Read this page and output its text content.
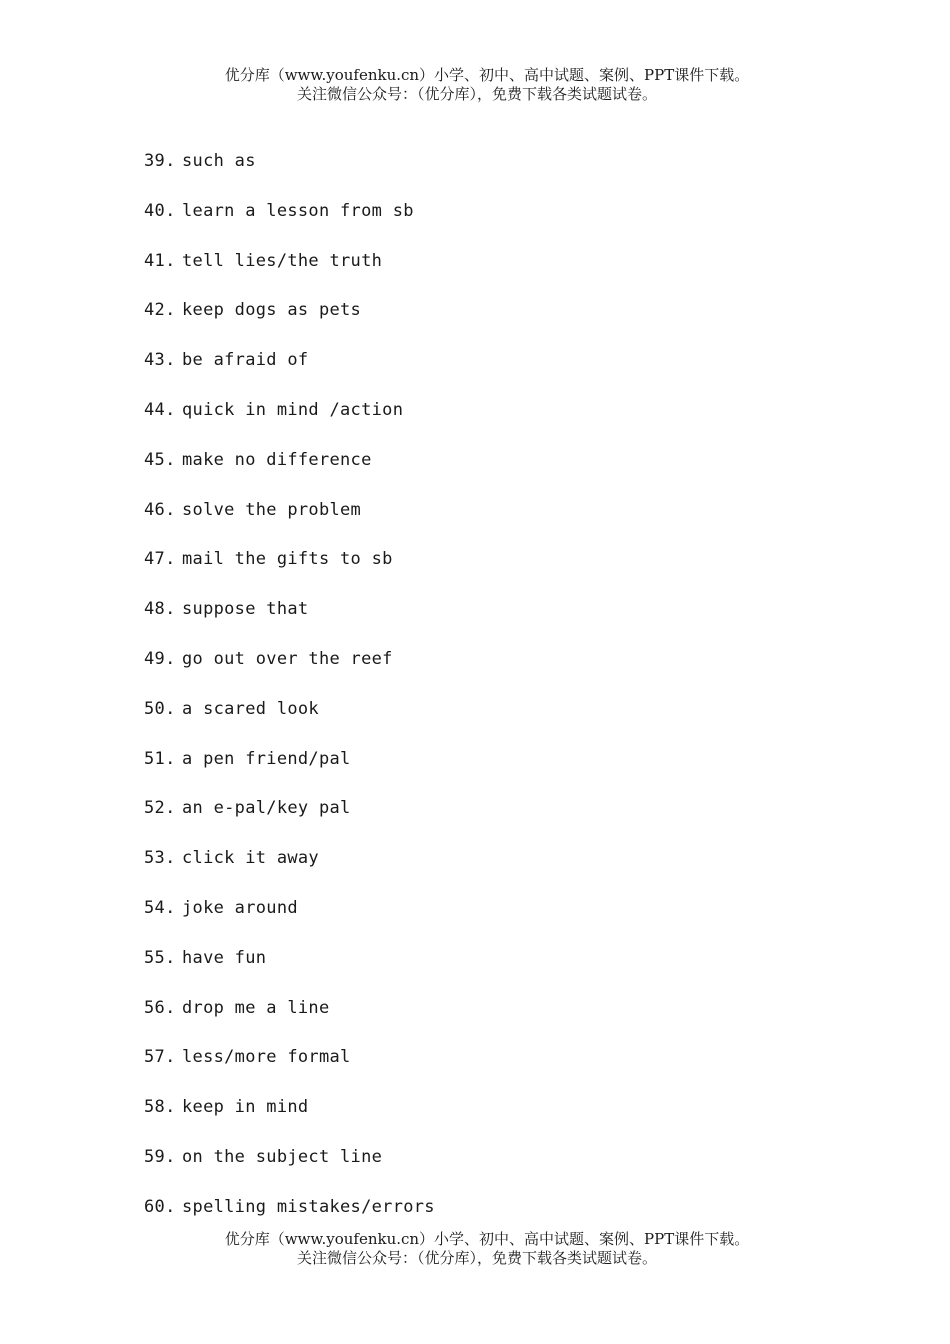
优分库（www.youfenku.cn）小学、初中、高中试题、案例、PPT课件下载。
关注微信公众号：（优分库），免费下载各类试题试卷。
39. such as
40. learn a lesson from sb
41. tell lies/the truth
42. keep dogs as pets
43. be afraid of
44. quick in mind /action
45. make no difference
46. solve the problem
47. mail the gifts to sb
48. suppose that
49. go out over the reef
50. a scared look
51. a pen friend/pal
52. an e-pal/key pal
53. click it away
54. joke around
55. have fun
56. drop me a line
57. less/more formal
58. keep in mind
59. on the subject line
60. spelling mistakes/errors
优分库（www.youfenku.cn）小学、初中、高中试题、案例、PPT课件下载。
关注微信公众号：（优分库），免费下载各类试题试卷。
